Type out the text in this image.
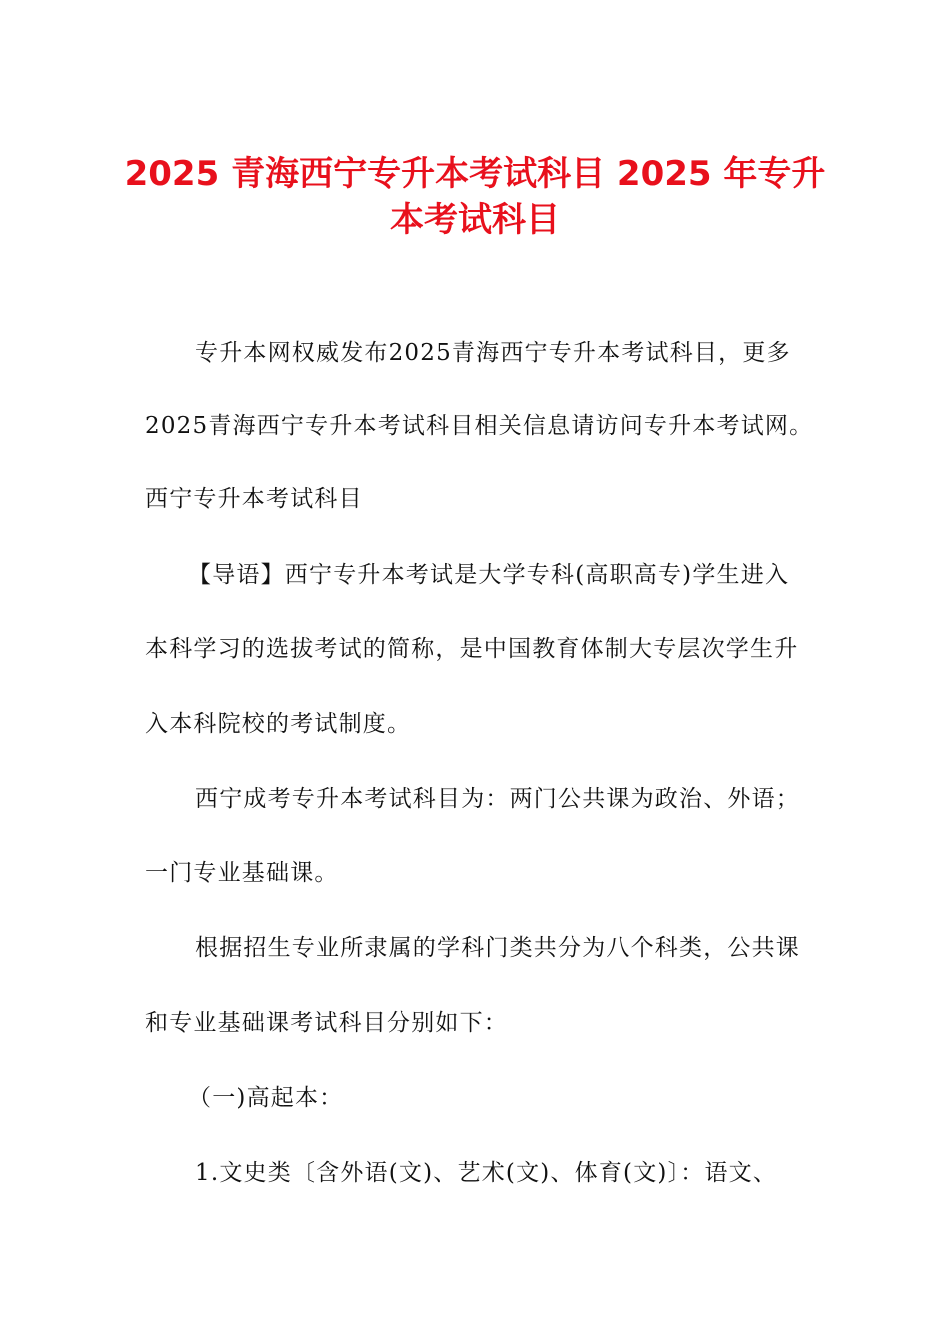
2025 青海西宁专升本考试科目 2025 年专升
本考试科目
专升本网权威发布2025青海西宁专升本考试科目，更多
2025青海西宁专升本考试科目相关信息请访问专升本考试网。
西宁专升本考试科目
【导语】西宁专升本考试是大学专科(高职高专)学生进入
本科学习的选拔考试的简称，是中国教育体制大专层次学生升
入本科院校的考试制度。
西宁成考专升本考试科目为：两门公共课为政治、外语；
一门专业基础课。
根据招生专业所隶属的学科门类共分为八个科类，公共课
和专业基础课考试科目分别如下：
（一)高起本：
1.文史类〔含外语(文)、艺术(文)、体育(文)〕：语文、
